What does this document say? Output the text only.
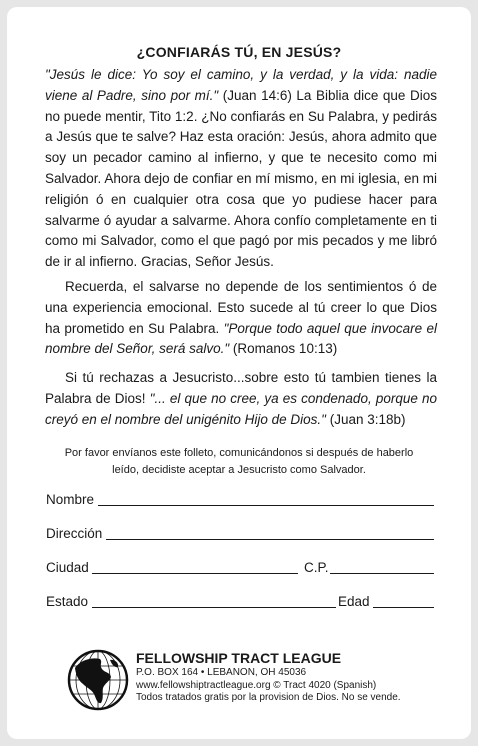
¿CONFIARÁS TÚ, EN JESÚS?
"Jesús le dice: Yo soy el camino, y la verdad, y la vida: nadie viene al Padre, sino por mí." (Juan 14:6) La Biblia dice que Dios no puede mentir, Tito 1:2. ¿No confiarás en Su Palabra, y pedirás a Jesús que te salve? Haz esta oración: Jesús, ahora admito que soy un pecador camino al infierno, y que te necesito como mi Salvador. Ahora dejo de confiar en mí mismo, en mi iglesia, en mi religión ó en cualquier otra cosa que yo pudiese hacer para salvarme ó ayudar a salvarme. Ahora confío completamente en ti como mi Salvador, como el que pagó por mis pecados y me libró de ir al infierno. Gracias, Señor Jesús.
Recuerda, el salvarse no depende de los sentimientos ó de una experiencia emocional. Esto sucede al tú creer lo que Dios ha prometido en Su Palabra. "Porque todo aquel que invocare el nombre del Señor, será salvo." (Romanos 10:13)
Si tú rechazas a Jesucristo...sobre esto tú tambien tienes la Palabra de Dios! "... el que no cree, ya es condenado, porque no creyó en el nombre del unigénito Hijo de Dios." (Juan 3:18b)
Por favor envíanos este folleto, comunicándonos si después de haberlo leído, decidiste aceptar a Jesucristo como Salvador.
Nombre
Dirección
Ciudad	C.P.
Estado	Edad
FELLOWSHIP TRACT LEAGUE
P.O. BOX 164 • LEBANON, OH 45036
www.fellowshiptractleague.org © Tract 4020 (Spanish)
Todos tratados gratis por la provision de Dios. No se vende.
